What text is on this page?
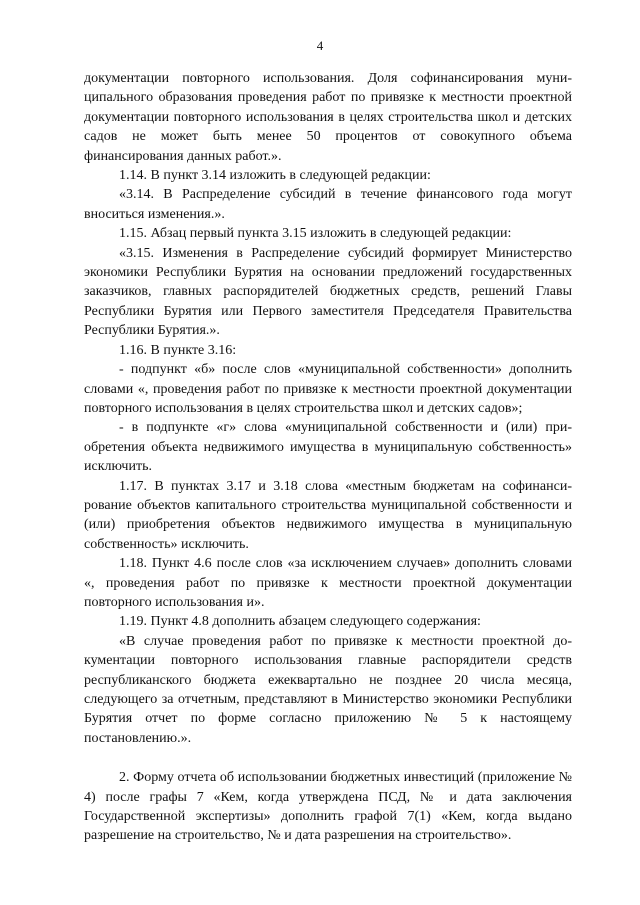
4

документации повторного использования. Доля софинансирования муниципального образования проведения работ по привязке к местности проектной документации повторного использования в целях строительства школ и детских садов не может быть менее 50 процентов от совокупного объема финансирования данных работ.».

1.14. В пункт 3.14 изложить в следующей редакции:

«3.14. В Распределение субсидий в течение финансового года могут вноситься изменения.».

1.15. Абзац первый пункта 3.15 изложить в следующей редакции:

«3.15. Изменения в Распределение субсидий формирует Министерство экономики Республики Бурятия на основании предложений государственных заказчиков, главных распорядителей бюджетных средств, решений Главы Республики Бурятия или Первого заместителя Председателя Правительства Республики Бурятия.».

1.16. В пункте 3.16:

- подпункт «б» после слов «муниципальной собственности» дополнить словами «, проведения работ по привязке к местности проектной документации повторного использования в целях строительства школ и детских садов»;

- в подпункте «г» слова «муниципальной собственности и (или) приобретения объекта недвижимого имущества в муниципальную собственность» исключить.

1.17. В пунктах 3.17 и 3.18 слова «местным бюджетам на софинансирование объектов капитального строительства муниципальной собственности и (или) приобретения объектов недвижимого имущества в муниципальную собственность» исключить.

1.18. Пункт 4.6 после слов «за исключением случаев» дополнить словами «, проведения работ по привязке к местности проектной документации повторного использования и».

1.19. Пункт 4.8 дополнить абзацем следующего содержания:

«В случае проведения работ по привязке к местности проектной документации повторного использования главные распорядители средств республиканского бюджета ежеквартально не позднее 20 числа месяца, следующего за отчетным, представляют в Министерство экономики Республики Бурятия отчет по форме согласно приложению № 5 к настоящему постановлению.».

2. Форму отчета об использовании бюджетных инвестиций (приложение № 4) после графы 7 «Кем, когда утверждена ПСД, № и дата заключения Государственной экспертизы» дополнить графой 7(1) «Кем, когда выдано разрешение на строительство, № и дата разрешения на строительство».
